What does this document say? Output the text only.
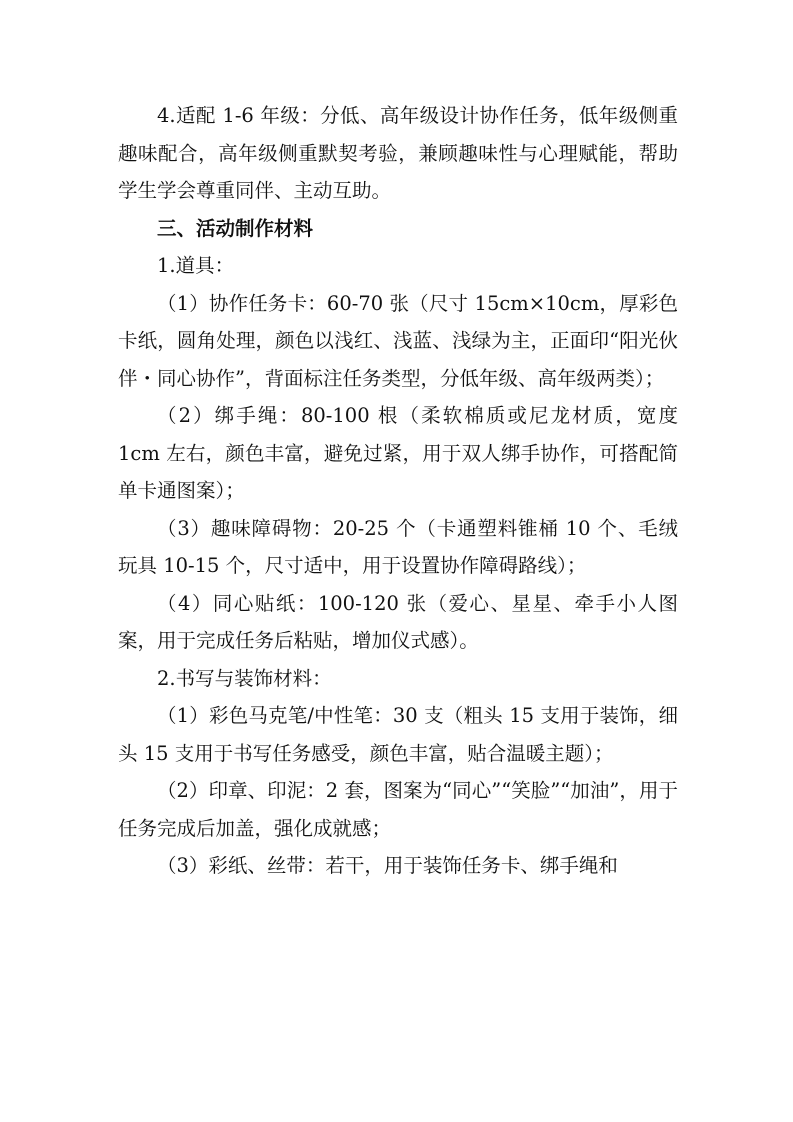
4.适配 1-6 年级：分低、高年级设计协作任务，低年级侧重趣味配合，高年级侧重默契考验，兼顾趣味性与心理赋能，帮助学生学会尊重同伴、主动互助。

三、活动制作材料

1.道具：

（1）协作任务卡：60-70 张（尺寸 15cm×10cm，厚彩色卡纸，圆角处理，颜色以浅红、浅蓝、浅绿为主，正面印“阳光伙伴・同心协作”，背面标注任务类型，分低年级、高年级两类）；

（2）绑手绳：80-100 根（柔软棉质或尼龙材质，宽度 1cm 左右，颜色丰富，避免过紧，用于双人绑手协作，可搭配简单卡通图案）；

（3）趣味障碍物：20-25 个（卡通塑料锥桶 10 个、毛绒玩具 10-15 个，尺寸适中，用于设置协作障碍路线）；

（4）同心贴纸：100-120 张（爱心、星星、牵手小人图案，用于完成任务后粘贴，增加仪式感）。

2.书写与装饰材料：

（1）彩色马克笔/中性笔：30 支（粗头 15 支用于装饰，细头 15 支用于书写任务感受，颜色丰富，贴合温暖主题）；

（2）印章、印泥：2 套，图案为“同心”“笑脸”“加油”，用于任务完成后加盖，强化成就感；

（3）彩纸、丝带：若干，用于装饰任务卡、绑手绳和
